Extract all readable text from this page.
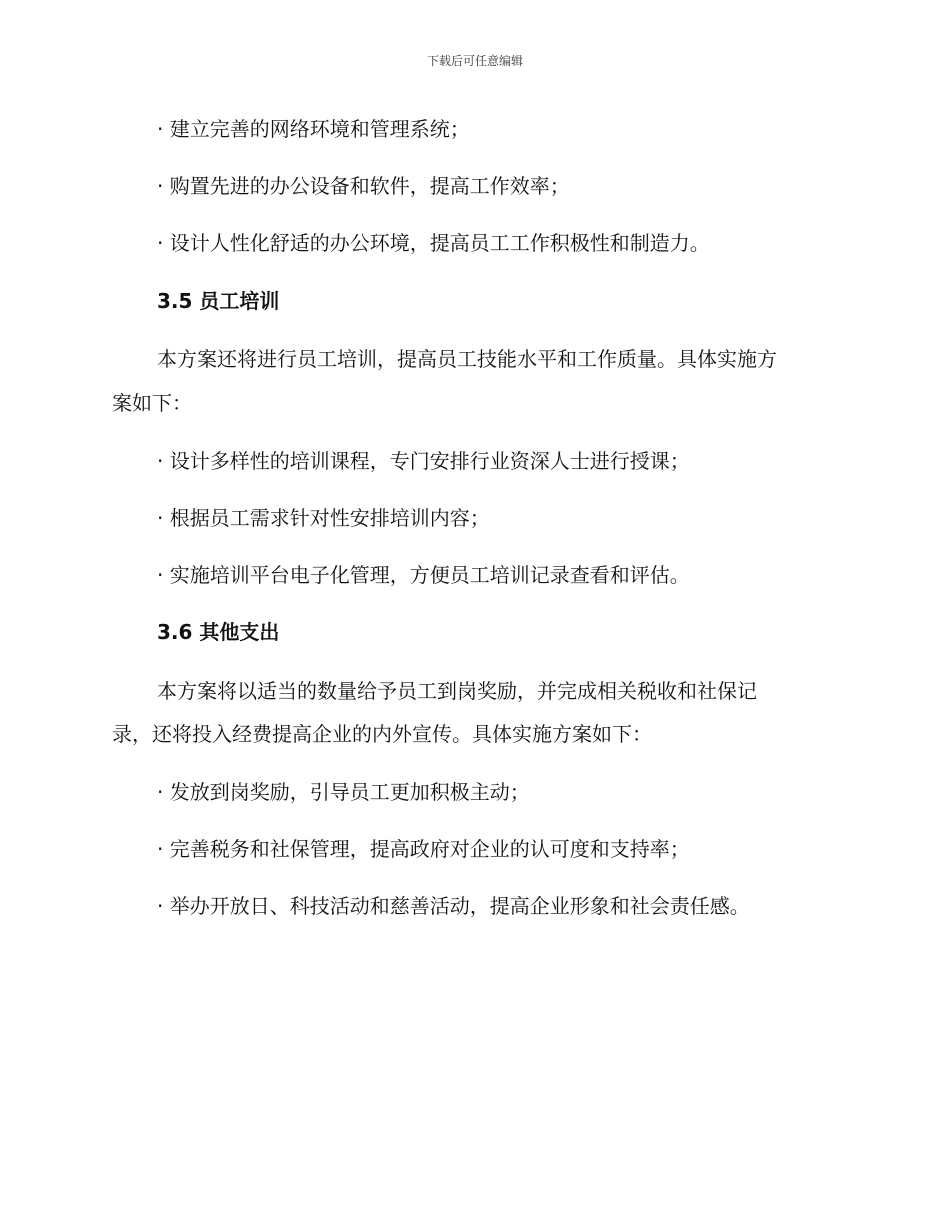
下载后可任意编辑
· 建立完善的网络环境和管理系统；
· 购置先进的办公设备和软件，提高工作效率；
· 设计人性化舒适的办公环境，提高员工工作积极性和制造力。
3.5 员工培训
本方案还将进行员工培训，提高员工技能水平和工作质量。具体实施方
案如下：
· 设计多样性的培训课程，专门安排行业资深人士进行授课；
· 根据员工需求针对性安排培训内容；
· 实施培训平台电子化管理，方便员工培训记录查看和评估。
3.6 其他支出
本方案将以适当的数量给予员工到岗奖励，并完成相关税收和社保记
录，还将投入经费提高企业的内外宣传。具体实施方案如下：
· 发放到岗奖励，引导员工更加积极主动；
· 完善税务和社保管理，提高政府对企业的认可度和支持率；
· 举办开放日、科技活动和慈善活动，提高企业形象和社会责任感。
